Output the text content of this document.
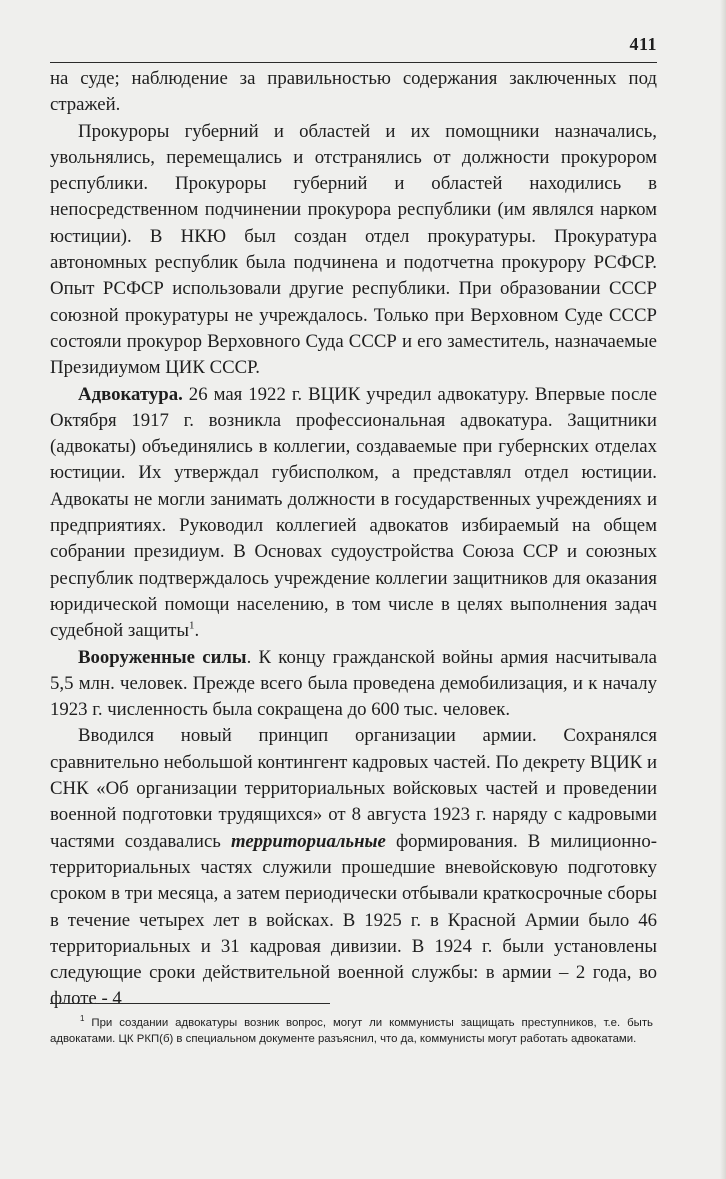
411

на суде; наблюдение за правильностью содержания заключенных под стражей.

Прокуроры губерний и областей и их помощники назначались, увольнялись, перемещались и отстранялись от должности прокурором республики. Прокуроры губерний и областей находились в непосредственном подчинении прокурора республики (им являлся нарком юстиции). В НКЮ был создан отдел прокуратуры. Прокуратура автономных республик была подчинена и подотчетна прокурору РСФСР. Опыт РСФСР использовали другие республики. При образовании СССР союзной прокуратуры не учреждалось. Только при Верховном Суде СССР состояли прокурор Верховного Суда СССР и его заместитель, назначаемые Президиумом ЦИК СССР.

Адвокатура. 26 мая 1922 г. ВЦИК учредил адвокатуру. Впервые после Октября 1917 г. возникла профессиональная адвокатура. Защитники (адвокаты) объединялись в коллегии, создаваемые при губернских отделах юстиции. Их утверждал губисполком, а представлял отдел юстиции. Адвокаты не могли занимать должности в государственных учреждениях и предприятиях. Руководил коллегией адвокатов избираемый на общем собрании президиум. В Основах судоустройства Союза ССР и союзных республик подтверждалось учреждение коллегии защитников для оказания юридической помощи населению, в том числе в целях выполнения задач судебной защиты$^1$.

Вооруженные силы. К концу гражданской войны армия насчитывала 5,5 млн. человек. Прежде всего была проведена демобилизация, и к началу 1923 г. численность была сокращена до 600 тыс. человек.

Вводился новый принцип организации армии. Сохранялся сравнительно небольшой контингент кадровых частей. По декрету ВЦИК и СНК «Об организации территориальных войсковых частей и проведении военной подготовки трудящихся» от 8 августа 1923 г. наряду с кадровыми частями создавались территориальные формирования. В милиционно-территориальных частях служили прошедшие вневойсковую подготовку сроком в три месяца, а затем периодически отбывали краткосрочные сборы в течение четырех лет в войсках. В 1925 г. в Красной Армии было 46 территориальных и 31 кадровая дивизии. В 1924 г. были установлены следующие сроки действительной военной службы: в армии – 2 года, во флоте - 4

$^1$ При создании адвокатуры возник вопрос, могут ли коммунисты защищать преступников, т.е. быть адвокатами. ЦК РКП(б) в специальном документе разъяснил, что да, коммунисты могут работать адвокатами.
